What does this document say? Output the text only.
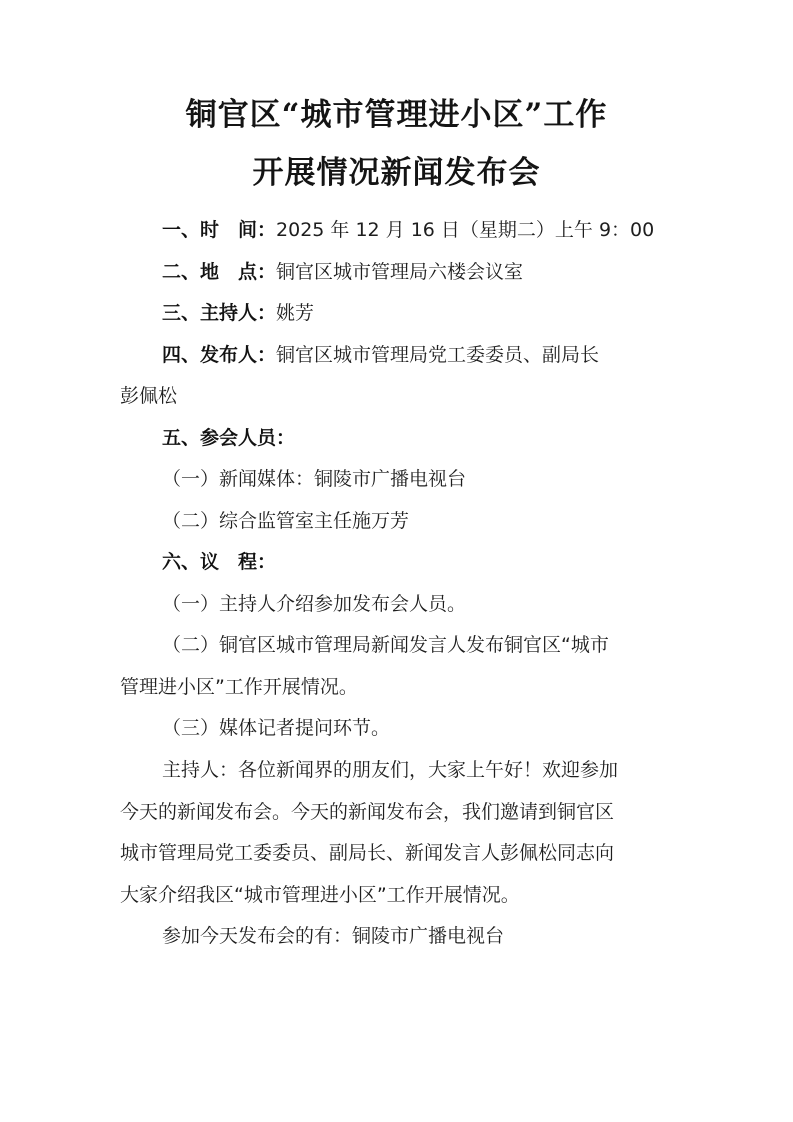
铜官区“城市管理进小区”工作
开展情况新闻发布会
一、时　间：2025 年 12 月 16 日（星期二）上午 9：00
二、地　点：铜官区城市管理局六楼会议室
三、主持人：姚芳
四、发布人：铜官区城市管理局党工委委员、副局长
彭佩松
五、参会人员：
（一）新闻媒体：铜陵市广播电视台
（二）综合监管室主任施万芳
六、议　程：
（一）主持人介绍参加发布会人员。
（二）铜官区城市管理局新闻发言人发布铜官区“城市
管理进小区”工作开展情况。
（三）媒体记者提问环节。
主持人：各位新闻界的朋友们，大家上午好！欢迎参加
今天的新闻发布会。今天的新闻发布会，我们邀请到铜官区
城市管理局党工委委员、副局长、新闻发言人彭佩松同志向
大家介绍我区“城市管理进小区”工作开展情况。
参加今天发布会的有：铜陵市广播电视台
